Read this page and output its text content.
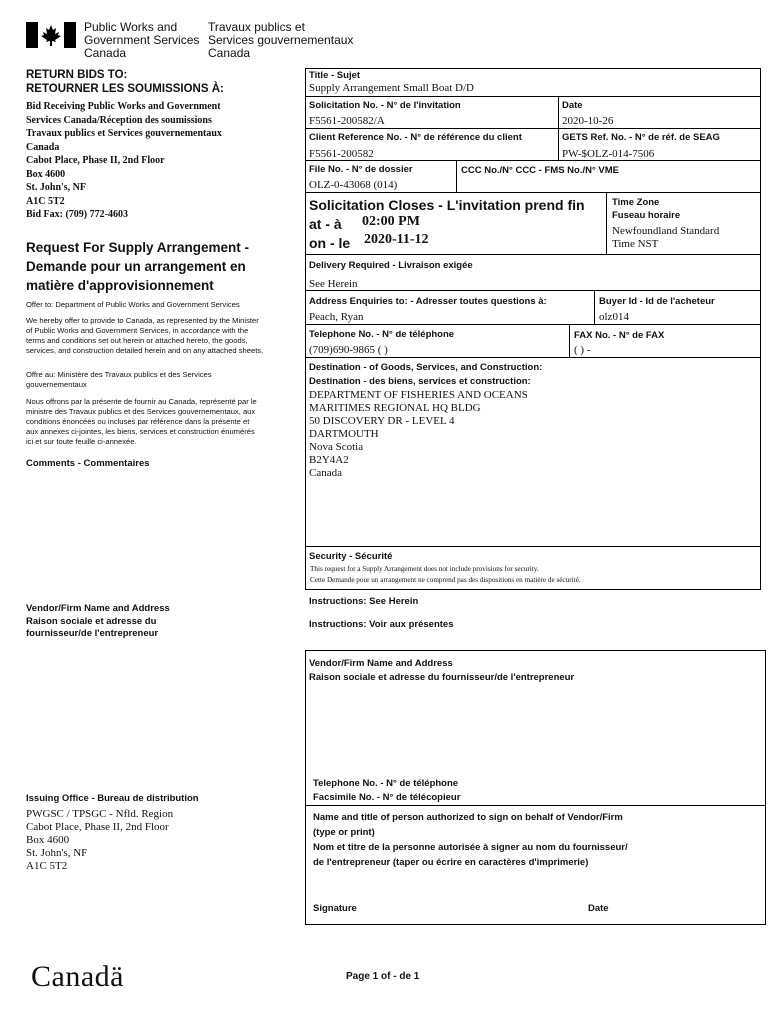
Public Works and
Government Services
Canada
Travaux publics et
Services gouvernementaux
Canada
RETURN BIDS TO:
RETOURNER LES SOUMISSIONS À:
Bid Receiving Public Works and Government
Services Canada/Réception des soumissions
Travaux publics et Services gouvernementaux
Canada
Cabot Place, Phase II, 2nd Floor
Box 4600
St. John's, NF
A1C 5T2
Bid Fax: (709) 772-4603
Request For Supply Arrangement -
Demande pour un arrangement en
matière d'approvisionnement
Offer to: Department of Public Works and Government Services
We hereby offer to provide to Canada, as represented by the Minister
of Public Works and Government Services, in accordance with the
terms and conditions set out herein or attached hereto, the goods,
services, and construction detailed herein and on any attached sheets.
Offre au: Ministère des Travaux publics et des Services
gouvernementaux
Nous offrons par la présente de fournir au Canada, représenté par le
ministre des Travaux publics et des Services gouvernementaux, aux
conditions énoncées ou incluses par référence dans la présente et
aux annexes ci-jointes, les biens, services et construction énumérés
ici et sur toute feuille ci-annexée.
Comments - Commentaires
Vendor/Firm Name and Address
Raison sociale et adresse du
fournisseur/de l'entrepreneur
Issuing Office - Bureau de distribution
PWGSC / TPSGC - Nfld. Region
Cabot Place, Phase II, 2nd Floor
Box 4600
St. John's, NF
A1C 5T2
Title - Sujet
Supply Arrangement Small Boat D/D
Solicitation No. - N° de l'invitation
F5561-200582/A
Date
2020-10-26
Client Reference No. - N° de référence du client
F5561-200582
GETS Ref. No. - N° de réf. de SEAG
PW-$OLZ-014-7506
File No. - N° de dossier
OLZ-0-43068 (014)
CCC No./N° CCC - FMS No./N° VME
Solicitation Closes - L'invitation prend fin
at - à 02:00 PM
on - le 2020-11-12
Time Zone
Fuseau horaire
Newfoundland Standard
Time NST
Delivery Required - Livraison exigée
See Herein
Address Enquiries to: - Adresser toutes questions à:
Peach, Ryan
Buyer Id - Id de l'acheteur
olz014
Telephone No. - N° de téléphone
(709)690-9865 ( )
FAX No. - N° de FAX
( ) -
Destination - of Goods, Services, and Construction:
Destination - des biens, services et construction:
DEPARTMENT OF FISHERIES AND OCEANS
MARITIMES REGIONAL HQ BLDG
50 DISCOVERY DR - LEVEL 4
DARTMOUTH
Nova Scotia
B2Y4A2
Canada
Security - Sécurité
This request for a Supply Arrangement does not include provisions for security.
Cette Demande pour un arrangement ne comprend pas des dispositions en matière de sécurité.
Instructions: See Herein
Instructions: Voir aux présentes
Vendor/Firm Name and Address
Raison sociale et adresse du fournisseur/de l'entrepreneur
Telephone No. - N° de téléphone
Facsimile No. - N° de télécopieur
Name and title of person authorized to sign on behalf of Vendor/Firm
(type or print)
Nom et titre de la personne autorisée à signer au nom du fournisseur/
de l'entrepreneur (taper ou écrire en caractères d'imprimerie)
Signature	Date
Canadä	Page 1 of - de 1
